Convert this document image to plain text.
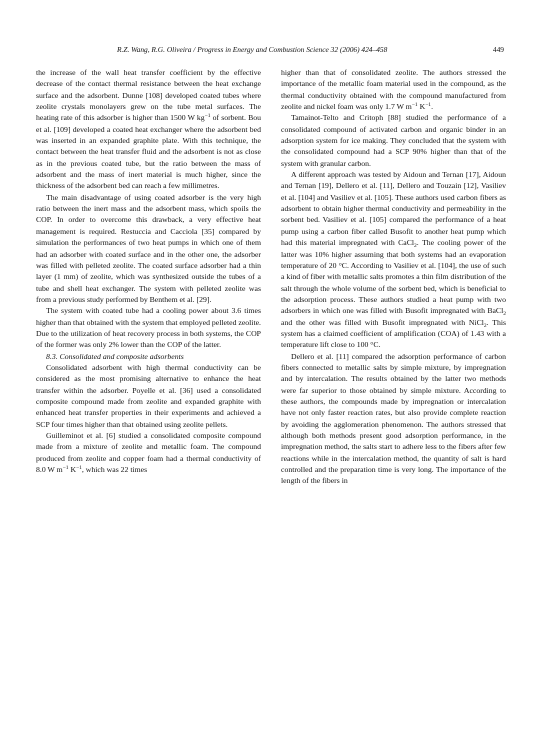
R.Z. Wang, R.G. Oliveira / Progress in Energy and Combustion Science 32 (2006) 424–458	449

the increase of the wall heat transfer coefficient by the effective decrease of the contact thermal resistance between the heat exchange surface and the adsorbent. Dunne [108] developed coated tubes where zeolite crystals monolayers grew on the tube metal surfaces. The heating rate of this adsorber is higher than 1500 W $kg^{-1}$ of sorbent. Bou et al. [109] developed a coated heat exchanger where the adsorbent bed was inserted in an expanded graphite plate. With this technique, the contact between the heat transfer fluid and the adsorbent is not as close as in the previous coated tube, but the ratio between the mass of adsorbent and the mass of inert material is much higher, since the thickness of the adsorbent bed can reach a few millimetres.

The main disadvantage of using coated adsorber is the very high ratio between the inert mass and the adsorbent mass, which spoils the COP. In order to overcome this drawback, a very effective heat management is required. Restuccia and Cacciola [35] compared by simulation the performances of two heat pumps in which one of them had an adsorber with coated surface and in the other one, the adsorber was filled with pelleted zeolite. The coated surface adsorber had a thin layer (1 mm) of zeolite, which was synthesized outside the tubes of a tube and shell heat exchanger. The system with pelleted zeolite was from a previous study performed by Benthem et al. [29].

The system with coated tube had a cooling power about 3.6 times higher than that obtained with the system that employed pelleted zeolite. Due to the utilization of heat recovery process in both systems, the COP of the former was only 2% lower than the COP of the latter.

8.3. Consolidated and composite adsorbents

Consolidated adsorbent with high thermal conductivity can be considered as the most promising alternative to enhance the heat transfer within the adsorber. Poyelle et al. [36] used a consolidated composite compound made from zeolite and expanded graphite with enhanced heat transfer properties in their experiments and achieved a SCP four times higher than that obtained using zeolite pellets.

Guilleminot et al. [6] studied a consolidated composite compound made from a mixture of zeolite and metallic foam. The compound produced from zeolite and copper foam had a thermal conductivity of 8.0 W $m^{-1}$ $K^{-1}$, which was 22 times

higher than that of consolidated zeolite. The authors stressed the importance of the metallic foam material used in the compound, as the thermal conductivity obtained with the compound manufactured from zeolite and nickel foam was only 1.7 W $m^{-1}$ $K^{-1}$.

Tamainot-Telto and Critoph [88] studied the performance of a consolidated compound of activated carbon and organic binder in an adsorption system for ice making. They concluded that the system with the consolidated compound had a SCP 90% higher than that of the system with granular carbon.

A different approach was tested by Aidoun and Ternan [17], Aidoun and Ternan [19], Dellero et al. [11], Dellero and Touzain [12], Vasiliev et al. [104] and Vasiliev et al. [105]. These authors used carbon fibers as adsorbent to obtain higher thermal conductivity and permeability in the sorbent bed. Vasiliev et al. [105] compared the performance of a heat pump using a carbon fiber called Busofit to another heat pump which had this material impregnated with CaCl$_2$. The cooling power of the latter was 10% higher assuming that both systems had an evaporation temperature of 20 °C. According to Vasiliev et al. [104], the use of such a kind of fiber with metallic salts promotes a thin film distribution of the salt through the whole volume of the sorbent bed, which is beneficial to the adsorption process. These authors studied a heat pump with two adsorbers in which one was filled with Busofit impregnated with BaCl$_2$ and the other was filled with Busofit impregnated with NiCl$_2$. This system has a claimed coefficient of amplification (COA) of 1.43 with a temperature lift close to 100 °C.

Dellero et al. [11] compared the adsorption performance of carbon fibers connected to metallic salts by simple mixture, by impregnation and by intercalation. The results obtained by the latter two methods were far superior to those obtained by simple mixture. According to these authors, the compounds made by impregnation or intercalation have not only faster reaction rates, but also provide complete reaction by avoiding the agglomeration phenomenon. The authors stressed that although both methods present good adsorption performance, in the impregnation method, the salts start to adhere less to the fibers after few reactions while in the intercalation method, the quantity of salt is hard controlled and the preparation time is very long. The importance of the length of the fibers in
